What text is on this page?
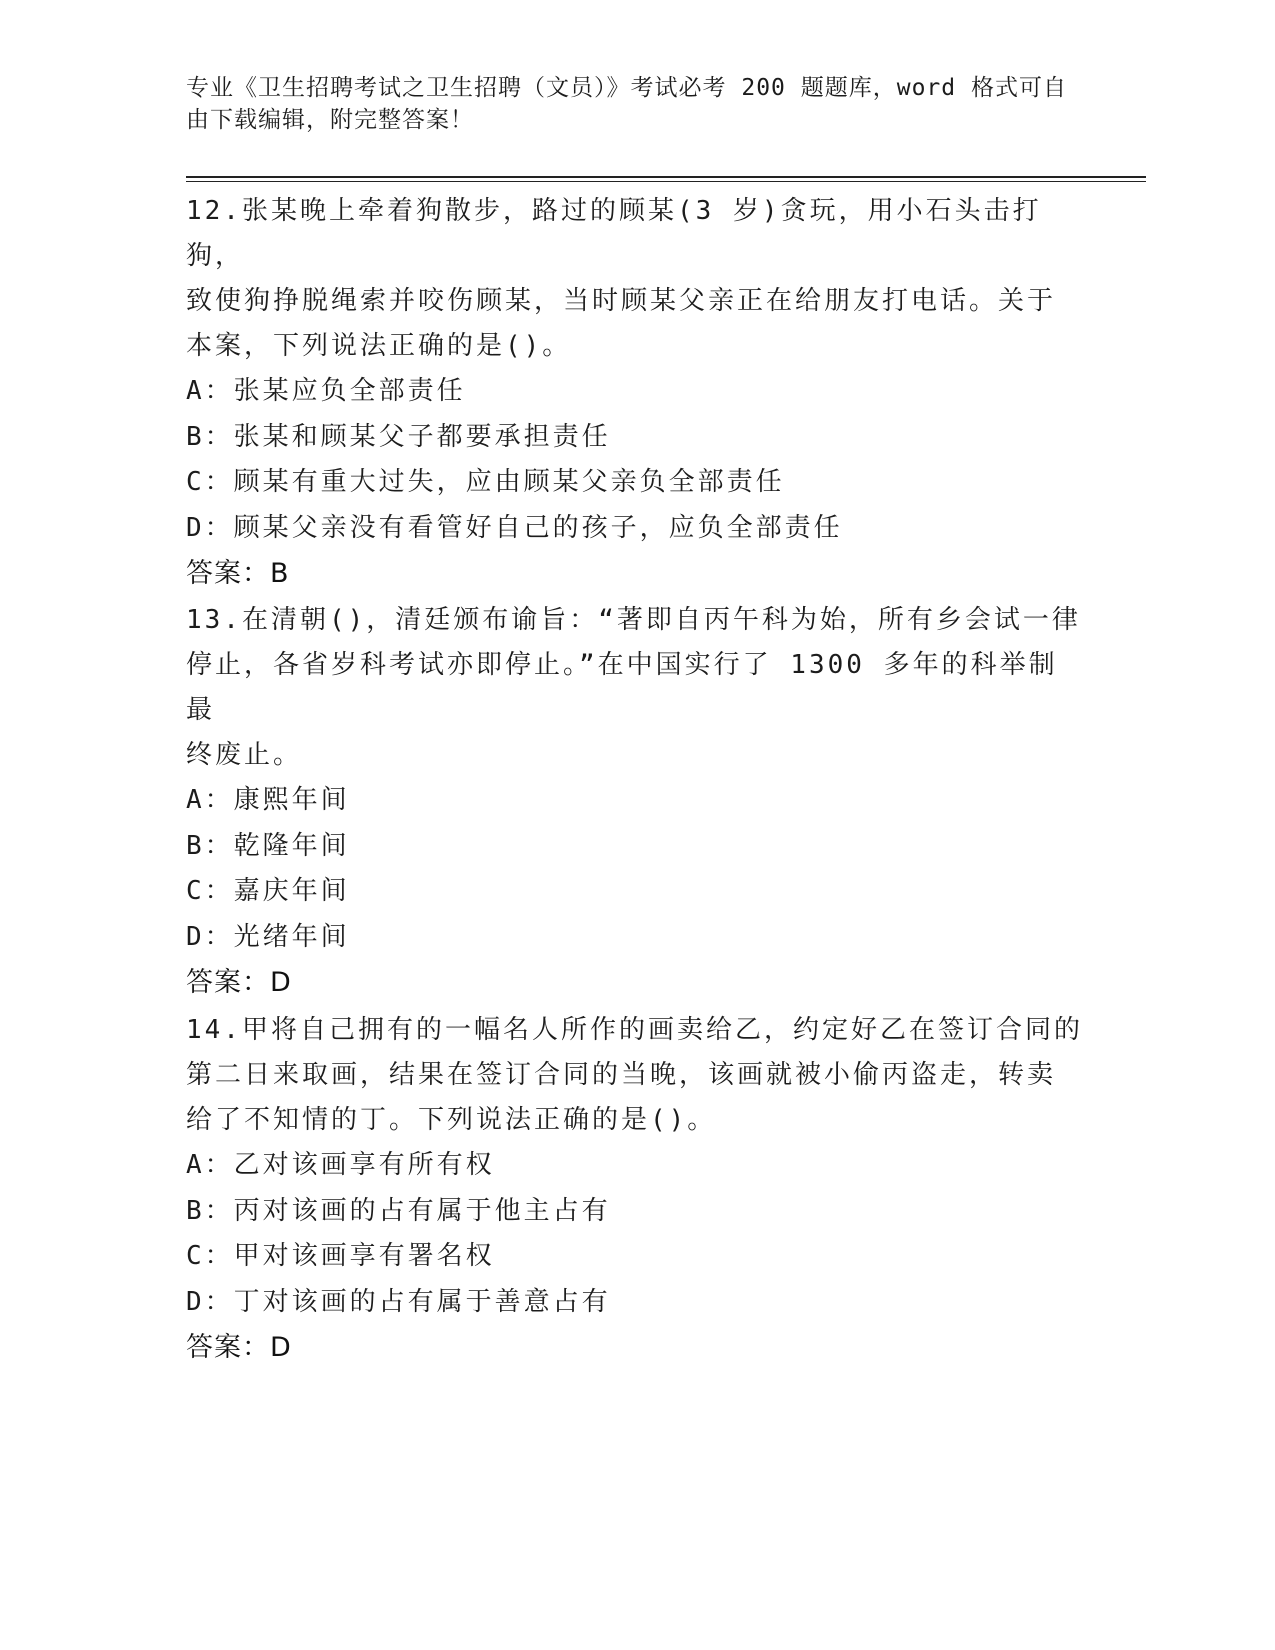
专业《卫生招聘考试之卫生招聘（文员）》考试必考 200 题题库，word 格式可自
由下载编辑，附完整答案！
12.张某晚上牵着狗散步，路过的顾某(3 岁)贪玩，用小石头击打狗，
致使狗挣脱绳索并咬伤顾某，当时顾某父亲正在给朋友打电话。关于
本案，下列说法正确的是()。
A：张某应负全部责任
B：张某和顾某父子都要承担责任
C：顾某有重大过失，应由顾某父亲负全部责任
D：顾某父亲没有看管好自己的孩子，应负全部责任
答案：B
13.在清朝()，清廷颁布谕旨：“著即自丙午科为始，所有乡会试一律
停止，各省岁科考试亦即停止。”在中国实行了 1300 多年的科举制最
终废止。
A：康熙年间
B：乾隆年间
C：嘉庆年间
D：光绪年间
答案：D
14.甲将自己拥有的一幅名人所作的画卖给乙，约定好乙在签订合同的
第二日来取画，结果在签订合同的当晚，该画就被小偷丙盗走，转卖
给了不知情的丁。下列说法正确的是()。
A：乙对该画享有所有权
B：丙对该画的占有属于他主占有
C：甲对该画享有署名权
D：丁对该画的占有属于善意占有
答案：D
